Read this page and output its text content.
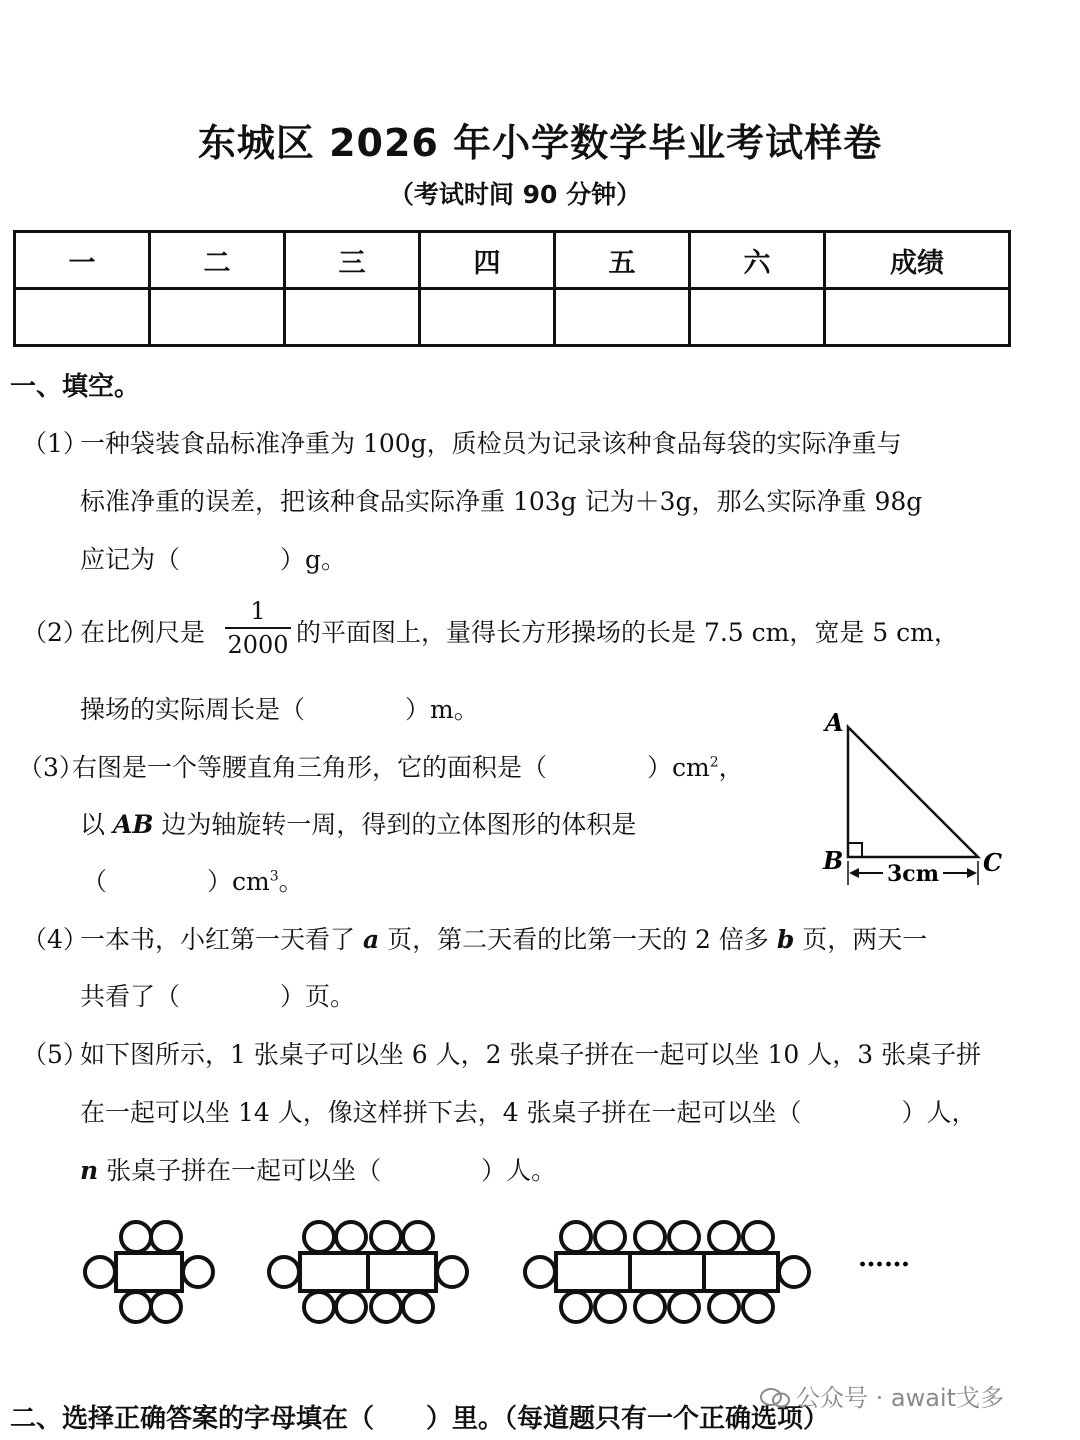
东城区 2026 年小学数学毕业考试样卷
（考试时间 90 分钟）
一	二	三	四	五	六	成绩

一、填空。
（1）
一种袋装食品标准净重为 100g，质检员为记录该种食品每袋的实际净重与
标准净重的误差，把该种食品实际净重 103g 记为＋3g，那么实际净重 98g
应记为（　　　　）g。
（2）
在比例尺是
1
2000 的平面图上，量得长方形操场的长是 7.5 cm，宽是 5 cm，
操场的实际周长是（　　　　）m。
（3）
右图是一个等腰直角三角形，它的面积是（　　　　）$cm^2$，
以 AB 边为轴旋转一周，得到的立体图形的体积是
（　　　　）$cm^3$。
A
B	C
3cm
（4）
一本书，小红第一天看了 a 页，第二天看的比第一天的 2 倍多 b 页，两天一
共看了（　　　　）页。
（5）
如下图所示，1 张桌子可以坐 6 人，2 张桌子拼在一起可以坐 10 人，3 张桌子拼
在一起可以坐 14 人，像这样拼下去，4 张桌子拼在一起可以坐（　　　　）人，
n 张桌子拼在一起可以坐（　　　　）人。
……
二、选择正确答案的字母填在（　　）里。（每道题只有一个正确选项）
公众号 · await戈多
